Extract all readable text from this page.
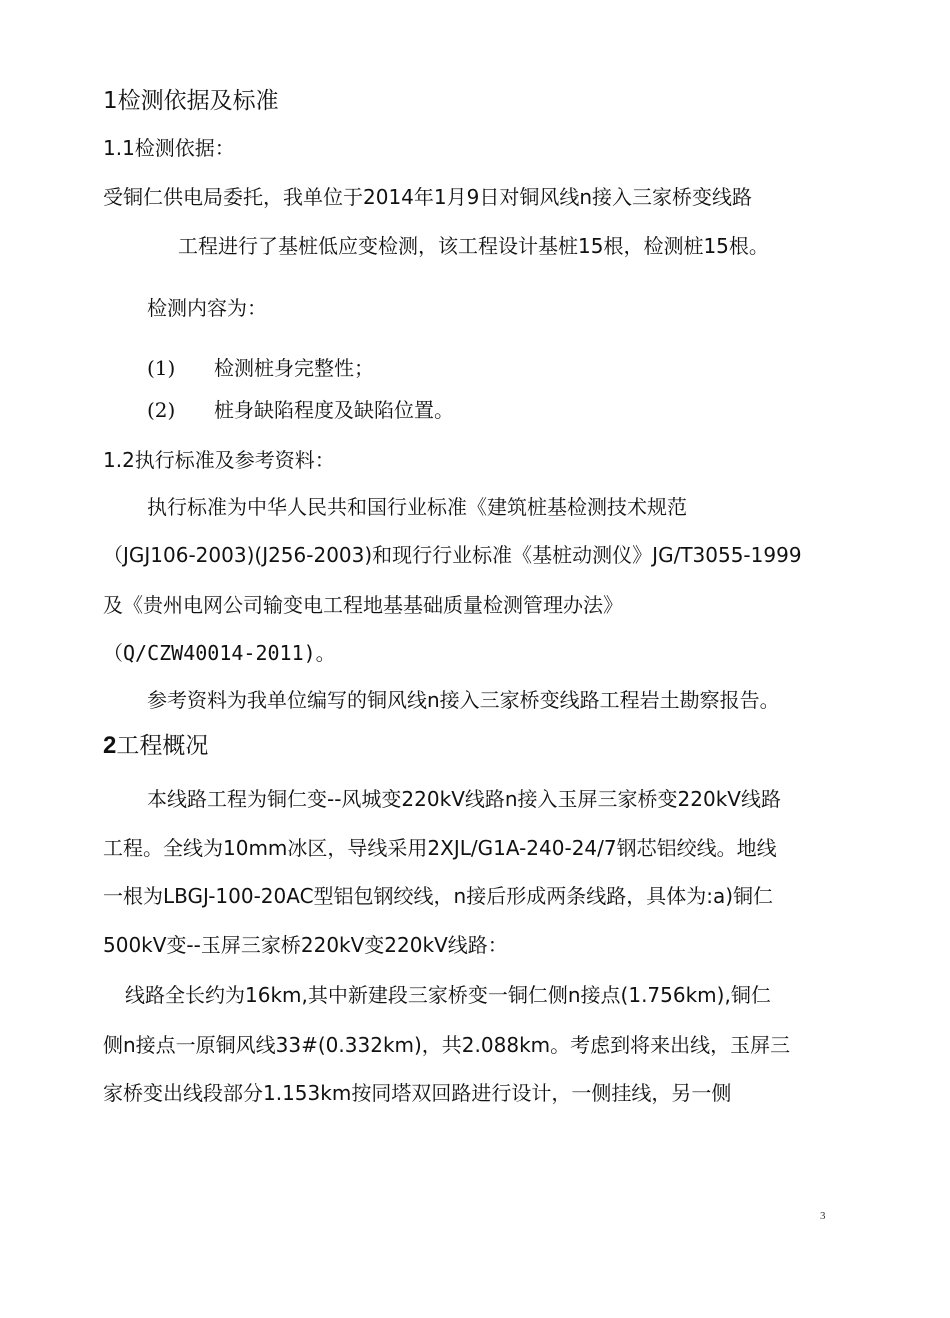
1检测依据及标准
1.1检测依据：
受铜仁供电局委托，我单位于2014年1月9日对铜风线n接入三家桥变线路
工程进行了基桩低应变检测，该工程设计基桩15根，检测桩15根。
检测内容为：
(1) 检测桩身完整性；
(2) 桩身缺陷程度及缺陷位置。
1.2执行标准及参考资料：
执行标准为中华人民共和国行业标准《建筑桩基检测技术规范
（JGJ106-2003)(J256-2003)和现行行业标准《基桩动测仪》JG/T3055-1999
及《贵州电网公司输变电工程地基基础质量检测管理办法》
（Q/CZW40014-2011)。
参考资料为我单位编写的铜风线n接入三家桥变线路工程岩土勘察报告。
2工程概况
本线路工程为铜仁变--风城变220kV线路n接入玉屏三家桥变220kV线路
工程。全线为10mm冰区，导线采用2XJL/G1A-240-24/7钢芯铝绞线。地线
一根为LBGJ-100-20AC型铝包钢绞线，n接后形成两条线路，具体为:a)铜仁
500kV变--玉屏三家桥220kV变220kV线路：
线路全长约为16km,其中新建段三家桥变一铜仁侧n接点(1.756km),铜仁
侧n接点一原铜风线33#(0.332km)，共2.088km。考虑到将来出线，玉屏三
家桥变出线段部分1.153km按同塔双回路进行设计，一侧挂线，另一侧
3
